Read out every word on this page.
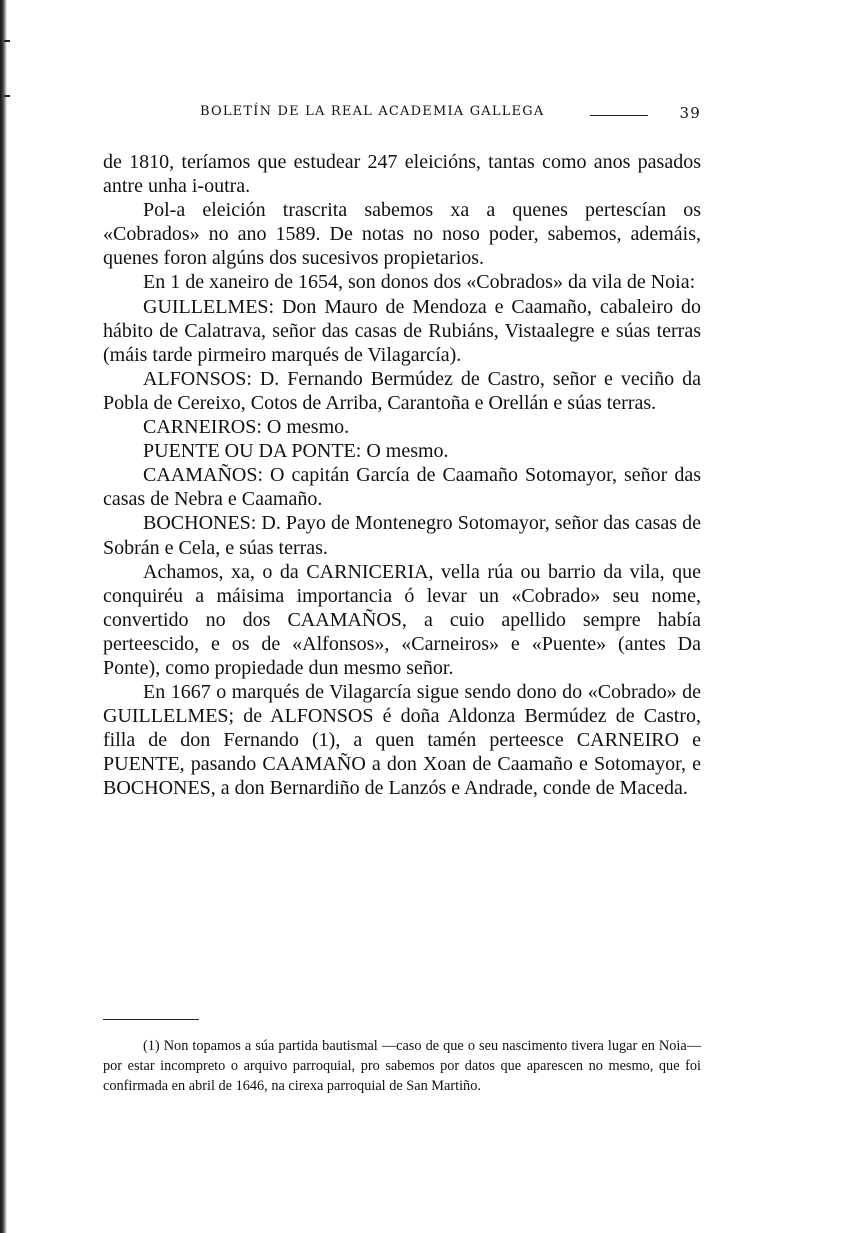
BOLETÍN DE LA REAL ACADEMIA GALLEGA	39

de 1810, teríamos que estudear 247 eleicións, tantas como anos pasados antre unha i-outra.

Pol-a eleición trascrita sabemos xa a quenes pertescían os «Cobrados» no ano 1589. De notas no noso poder, sabemos, ademáis, quenes foron algúns dos sucesivos propietarios.

En 1 de xaneiro de 1654, son donos dos «Cobrados» da vila de Noia:

GUILLELMES: Don Mauro de Mendoza e Caamaño, cabaleiro do hábito de Calatrava, señor das casas de Rubiáns, Vistaalegre e súas terras (máis tarde pirmeiro marqués de Vilagarcía).

ALFONSOS: D. Fernando Bermúdez de Castro, señor e veciño da Pobla de Cereixo, Cotos de Arriba, Carantoña e Orellán e súas terras.

CARNEIROS: O mesmo.

PUENTE OU DA PONTE: O mesmo.

CAAMAÑOS: O capitán García de Caamaño Sotomayor, señor das casas de Nebra e Caamaño.

BOCHONES: D. Payo de Montenegro Sotomayor, señor das casas de Sobrán e Cela, e súas terras.

Achamos, xa, o da CARNICERIA, vella rúa ou barrio da vila, que conquiréu a máisima importancia ó levar un «Cobrado» seu nome, convertido no dos CAAMAÑOS, a cuio apellido sempre había perteescido, e os de «Alfonsos», «Carneiros» e «Puente» (antes Da Ponte), como propiedade dun mesmo señor.

En 1667 o marqués de Vilagarcía sigue sendo dono do «Cobrado» de GUILLELMES; de ALFONSOS é doña Aldonza Bermúdez de Castro, filla de don Fernando (1), a quen tamén perteesce CARNEIRO e PUENTE, pasando CAAMAÑO a don Xoan de Caamaño e Sotomayor, e BOCHONES, a don Bernardiño de Lanzós e Andrade, conde de Maceda.

(1) Non topamos a súa partida bautismal —caso de que o seu nascimento tivera lugar en Noia— por estar incompreto o arquivo parroquial, pro sabemos por datos que aparescen no mesmo, que foi confirmada en abril de 1646, na cirexa parroquial de San Martiño.
